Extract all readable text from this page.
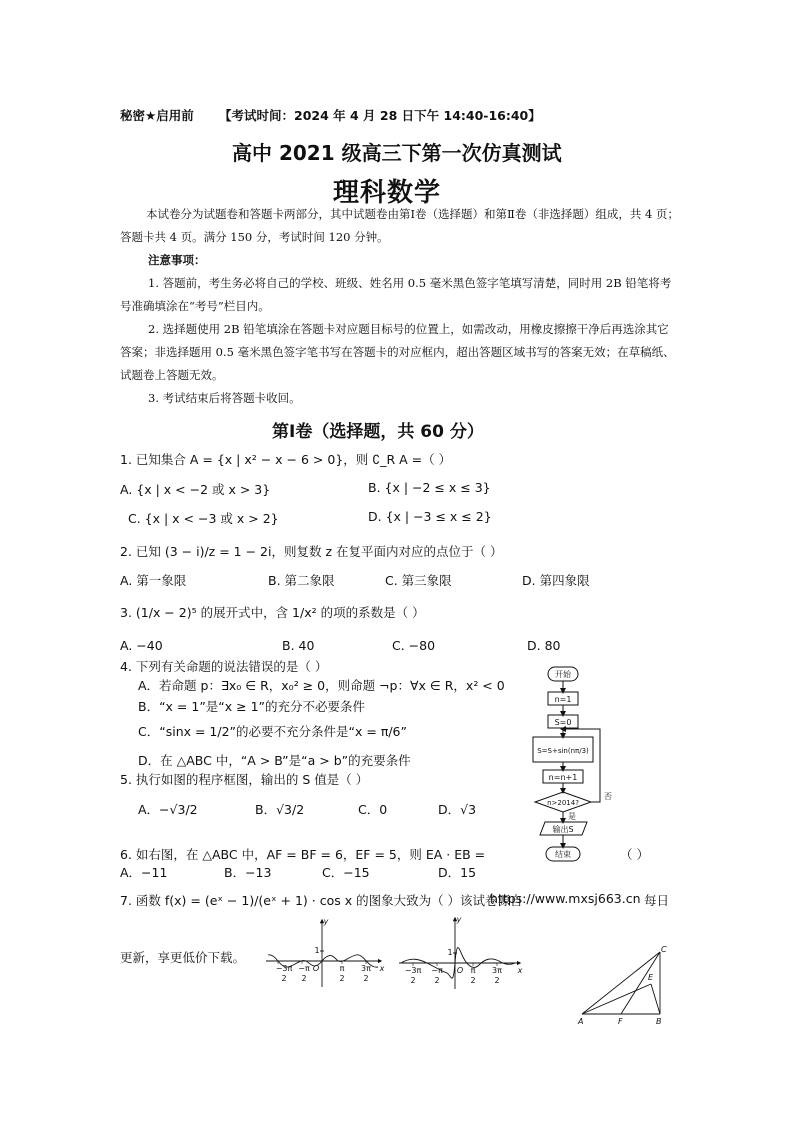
秘密★启用前 【考试时间：2024 年 4 月 28 日下午 14:40-16:40】
高中 2021 级高三下第一次仿真测试
理科数学
本试卷分为试题卷和答题卡两部分，其中试题卷由第Ⅰ卷（选择题）和第Ⅱ卷（非选择题）组成，共 4 页；答题卡共 4 页。满分 150 分，考试时间 120 分钟。
注意事项：
1. 答题前，考生务必将自己的学校、班级、姓名用 0.5 毫米黑色签字笔填写清楚，同时用 2B 铅笔将考号准确填涂在“考号”栏目内。
2. 选择题使用 2B 铅笔填涂在答题卡对应题目标号的位置上，如需改动，用橡皮擦擦干净后再选涂其它答案；非选择题用 0.5 毫米黑色签字笔书写在答题卡的对应框内，超出答题区域书写的答案无效；在草稿纸、试题卷上答题无效。
3. 考试结束后将答题卡收回。
第Ⅰ卷（选择题，共 60 分）
1. 已知集合 A = {x | x² − x − 6 > 0}，则 ∁_R A =（ ）
A. {x | x < −2 或 x > 3}	B. {x | −2 ≤ x ≤ 3}
C. {x | x < −3 或 x > 2}	D. {x | −3 ≤ x ≤ 2}
2. 已知 (3 − i)/z = 1 − 2i，则复数 z 在复平面内对应的点位于（ ）
A. 第一象限	B. 第二象限	C. 第三象限	D. 第四象限
3. (1/x − 2)⁵ 的展开式中，含 1/x² 的项的系数是（ ）
A. −40	B. 40	C. −80	D. 80
4. 下列有关命题的说法错误的是（ ）
A．若命题 p：∃x₀ ∈ R，x₀² ≥ 0，则命题 ¬p：∀x ∈ R，x² < 0
B．“x = 1”是“x ≥ 1”的充分不必要条件
C．“sinx = 1/2”的必要不充分条件是“x = π/6”
D．在 △ABC 中，“A > B”是“a > b”的充要条件
5. 执行如图的程序框图，输出的 S 值是（ ）
A．−√3/2	B．√3/2	C．0	D．√3
6. 如右图，在 △ABC 中，AF = BF = 6，EF = 5，则 EA · EB =	（ ）
A．−11	B．−13	C．−15	D．15
7. 函数 f(x) = (eˣ − 1)/(eˣ + 1) · cos x 的图象大致为（ ）该试卷源自
https://www.mxsj663.cn 每日
更新，享更低价下载。
开始
n=1
S=0
S=S+sin(nπ/3)
n=n+1
n>2014?
否
是
输出S
结束
y
x
1
O
−3π
2
−π
2
π
2
3π
2
y
x
1
O
−3π
2
−π
2
π
2
3π
2
A	B
C
E
F
